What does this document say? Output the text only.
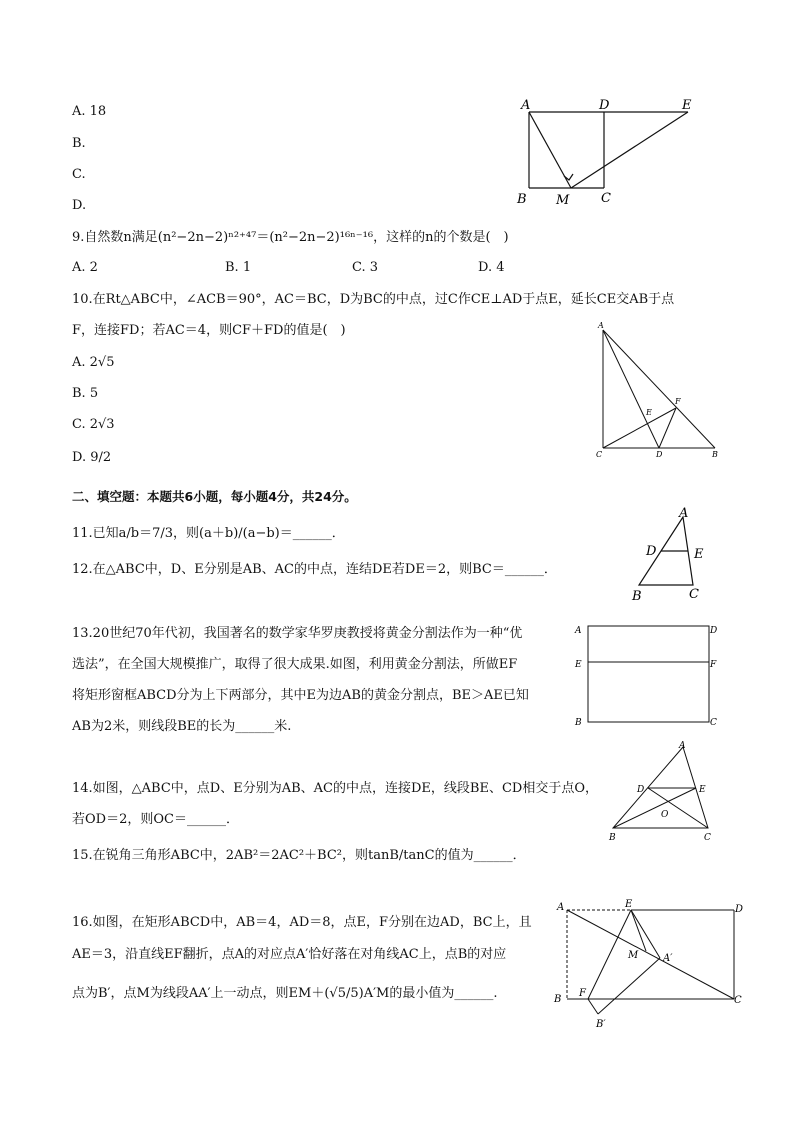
A. 18
B.
C.
D.
A	D	E
B M C
9.自然数n满足(n²−2n−2)ⁿ²⁺⁴⁷＝(n²−2n−2)¹⁶ⁿ⁻¹⁶，这样的n的个数是(　)
A. 2	B. 1	C. 3	D. 4
10.在Rt△ABC中，∠ACB＝90°，AC＝BC，D为BC的中点，过C作CE⊥AD于点E，延长CE交AB于点
F，连接FD；若AC＝4，则CF＋FD的值是(　)
A. 2√5
B. 5
C. 2√3
D. 9/2
A
E
F
C	D	B
二、填空题：本题共6小题，每小题4分，共24分。
11.已知a/b＝7/3，则(a＋b)/(a−b)＝______．
12.在△ABC中，D、E分别是AB、AC的中点，连结DE若DE＝2，则BC＝______．
A
D	E
B	C
13.20世纪70年代初，我国著名的数学家华罗庚教授将黄金分割法作为一种“优
选法”，在全国大规模推广，取得了很大成果.如图，利用黄金分割法，所做EF
将矩形窗框ABCD分为上下两部分，其中E为边AB的黄金分割点，BE＞AE已知
AB为2米，则线段BE的长为______米.
A	D
E	F
B	C
14.如图，△ABC中，点D、E分别为AB、AC的中点，连接DE，线段BE、CD相交于点O，
若OD＝2，则OC＝______．
A
D	E
O
B	C
15.在锐角三角形ABC中，2AB²＝2AC²＋BC²，则tanB/tanC的值为______．
16.如图，在矩形ABCD中，AB＝4，AD＝8，点E，F分别在边AD，BC上，且
AE＝3，沿直线EF翻折，点A的对应点A′恰好落在对角线AC上，点B的对应
点为B′，点M为线段AA′上一动点，则EM＋(√5/5)A′M的最小值为______.
A	E	D
M A′
B
F
C
B′
